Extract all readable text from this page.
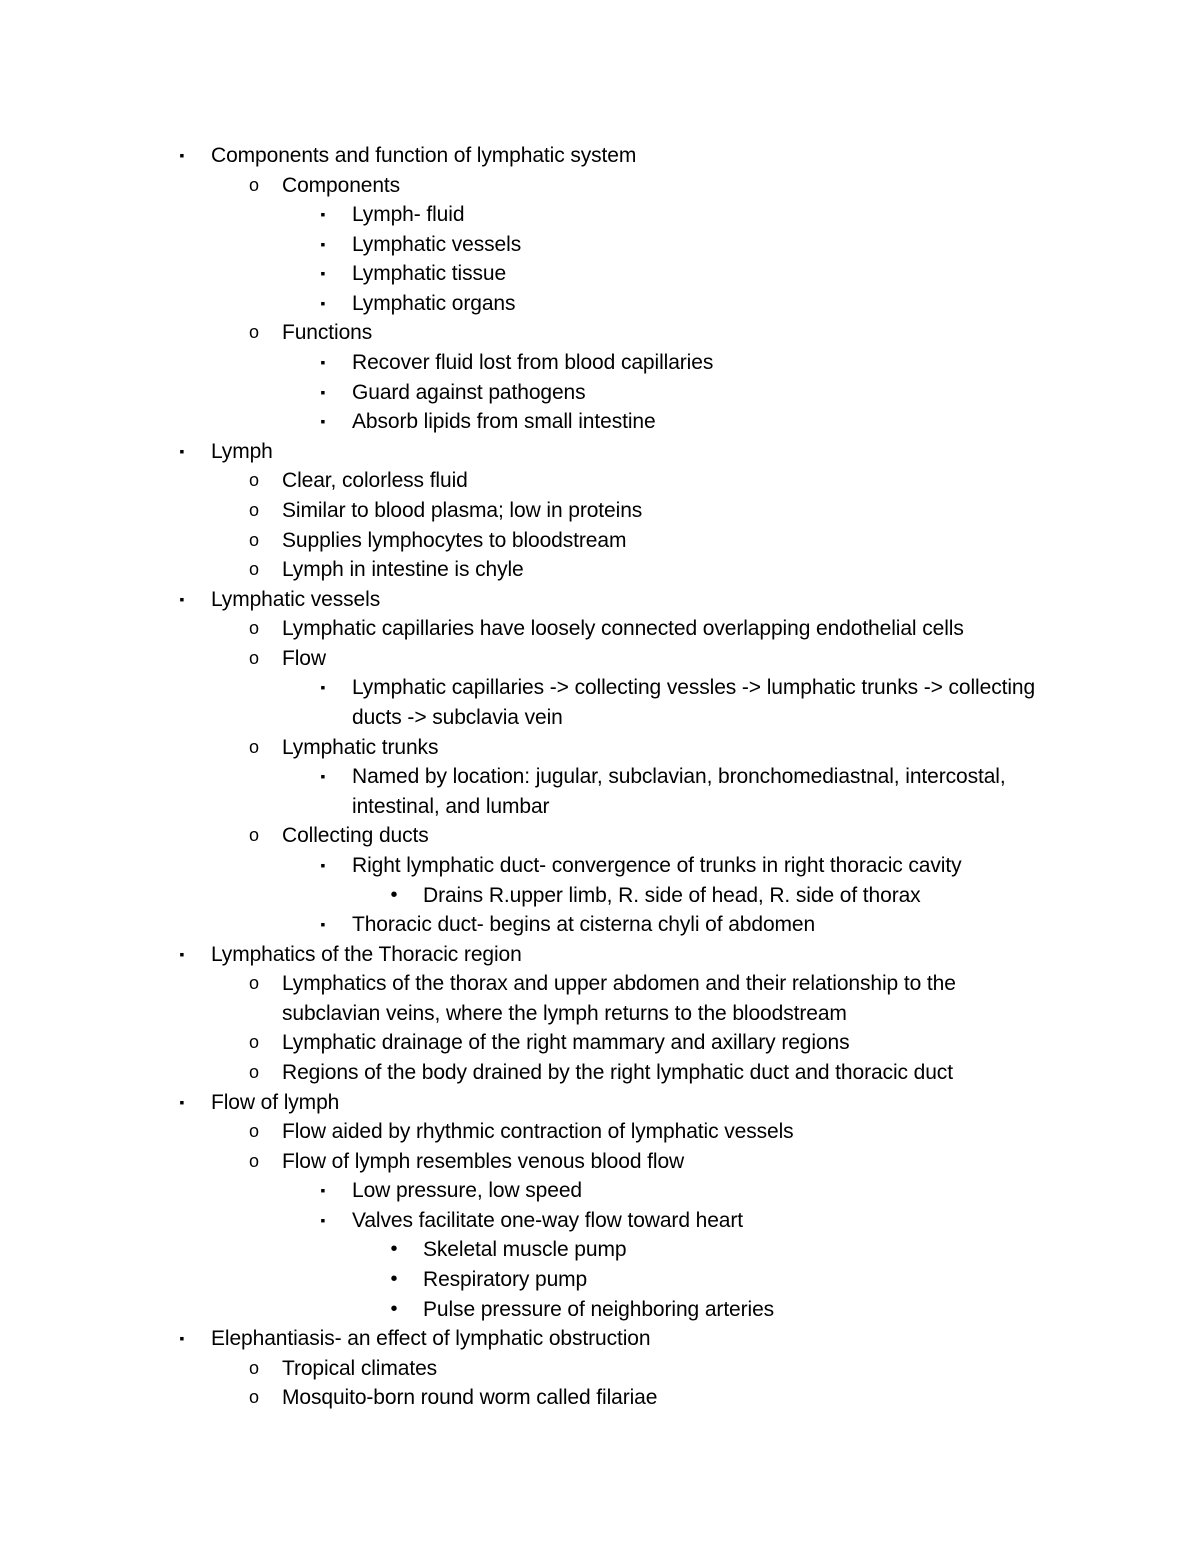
▪	Components and function of lymphatic system
o Components
▪	Lymph- fluid
▪	Lymphatic vessels
▪	Lymphatic tissue
▪	Lymphatic organs
o Functions
▪	Recover fluid lost from blood capillaries
▪	Guard against pathogens
▪	Absorb lipids from small intestine
▪	Lymph
o Clear, colorless fluid
o Similar to blood plasma; low in proteins
o Supplies lymphocytes to bloodstream
o Lymph in intestine is chyle
▪	Lymphatic vessels
o Lymphatic capillaries have loosely connected overlapping endothelial cells
o Flow
▪	Lymphatic capillaries -> collecting vessles -> lumphatic trunks -> collecting
ducts -> subclavia vein
o Lymphatic trunks
▪	Named by location: jugular, subclavian, bronchomediastnal, intercostal,
intestinal, and lumbar
o Collecting ducts
▪	Right lymphatic duct- convergence of trunks in right thoracic cavity
•	Drains R.upper limb, R. side of head, R. side of thorax
▪	Thoracic duct- begins at cisterna chyli of abdomen
▪	Lymphatics of the Thoracic region
o Lymphatics of the thorax and upper abdomen and their relationship to the
subclavian veins, where the lymph returns to the bloodstream
o Lymphatic drainage of the right mammary and axillary regions
o Regions of the body drained by the right lymphatic duct and thoracic duct
▪	Flow of lymph
o Flow aided by rhythmic contraction of lymphatic vessels
o Flow of lymph resembles venous blood flow
▪	Low pressure, low speed
▪	Valves facilitate one-way flow toward heart
•	Skeletal muscle pump
•	Respiratory pump
•	Pulse pressure of neighboring arteries
▪	Elephantiasis- an effect of lymphatic obstruction
o Tropical climates
o Mosquito-born round worm called filariae
